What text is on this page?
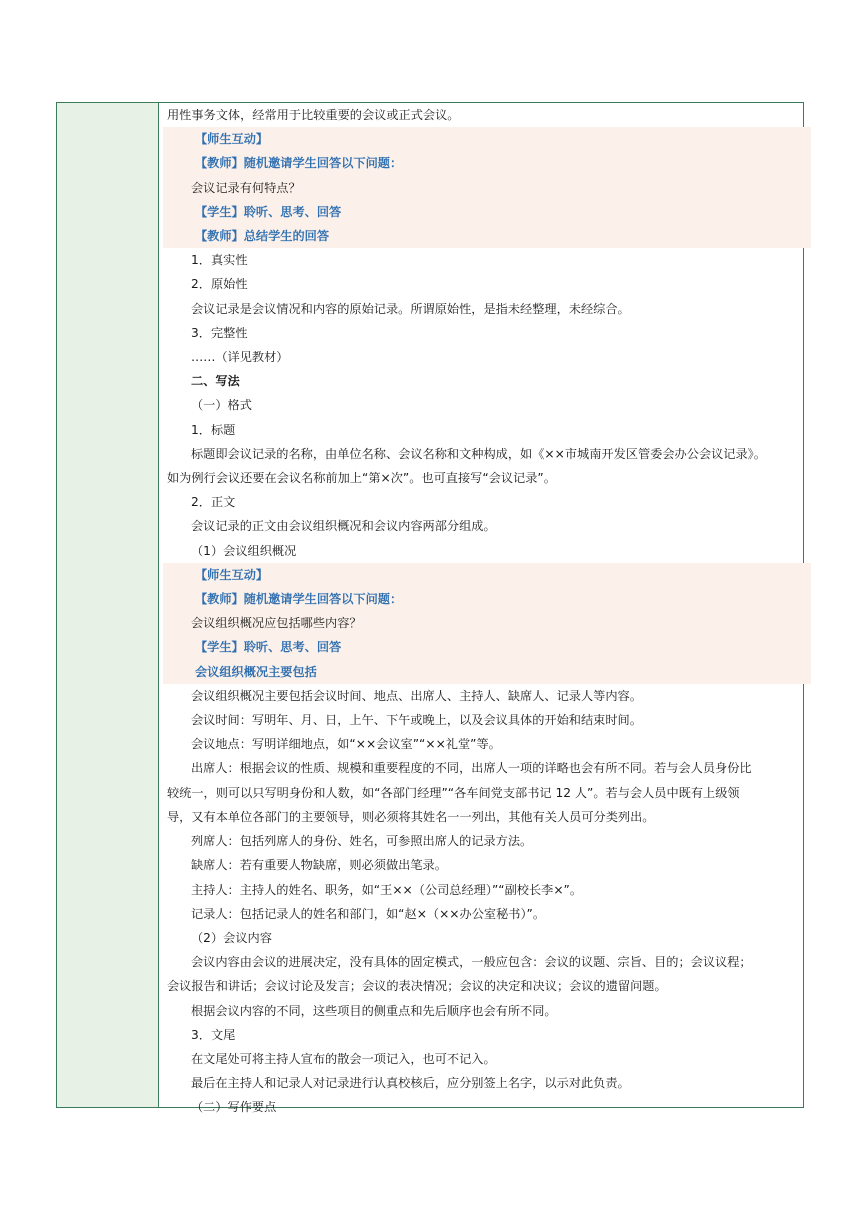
用性事务文体，经常用于比较重要的会议或正式会议。
【师生互动】
【教师】随机邀请学生回答以下问题：
会议记录有何特点？
【学生】聆听、思考、回答
【教师】总结学生的回答
1．真实性
2．原始性
会议记录是会议情况和内容的原始记录。所谓原始性，是指未经整理，未经综合。
3．完整性
……（详见教材）
二、写法
（一）格式
1．标题
标题即会议记录的名称，由单位名称、会议名称和文种构成，如《××市城南开发区管委会办公会议记录》。
如为例行会议还要在会议名称前加上“第×次”。也可直接写“会议记录”。
2．正文
会议记录的正文由会议组织概况和会议内容两部分组成。
（1）会议组织概况
【师生互动】
【教师】随机邀请学生回答以下问题：
会议组织概况应包括哪些内容？
【学生】聆听、思考、回答
会议组织概况主要包括
会议组织概况主要包括会议时间、地点、出席人、主持人、缺席人、记录人等内容。
会议时间：写明年、月、日，上午、下午或晚上，以及会议具体的开始和结束时间。
会议地点：写明详细地点，如“××会议室”“××礼堂”等。
出席人：根据会议的性质、规模和重要程度的不同，出席人一项的详略也会有所不同。若与会人员身份比
较统一，则可以只写明身份和人数，如“各部门经理”“各车间党支部书记 12 人”。若与会人员中既有上级领
导，又有本单位各部门的主要领导，则必须将其姓名一一列出，其他有关人员可分类列出。
列席人：包括列席人的身份、姓名，可参照出席人的记录方法。
缺席人：若有重要人物缺席，则必须做出笔录。
主持人：主持人的姓名、职务，如“王××（公司总经理）”“副校长李×”。
记录人：包括记录人的姓名和部门，如“赵×（××办公室秘书）”。
（2）会议内容
会议内容由会议的进展决定，没有具体的固定模式，一般应包含：会议的议题、宗旨、目的；会议议程；
会议报告和讲话；会议讨论及发言；会议的表决情况；会议的决定和决议；会议的遗留问题。
根据会议内容的不同，这些项目的侧重点和先后顺序也会有所不同。
3．文尾
在文尾处可将主持人宣布的散会一项记入，也可不记入。
最后在主持人和记录人对记录进行认真校核后，应分别签上名字，以示对此负责。
（二）写作要点
